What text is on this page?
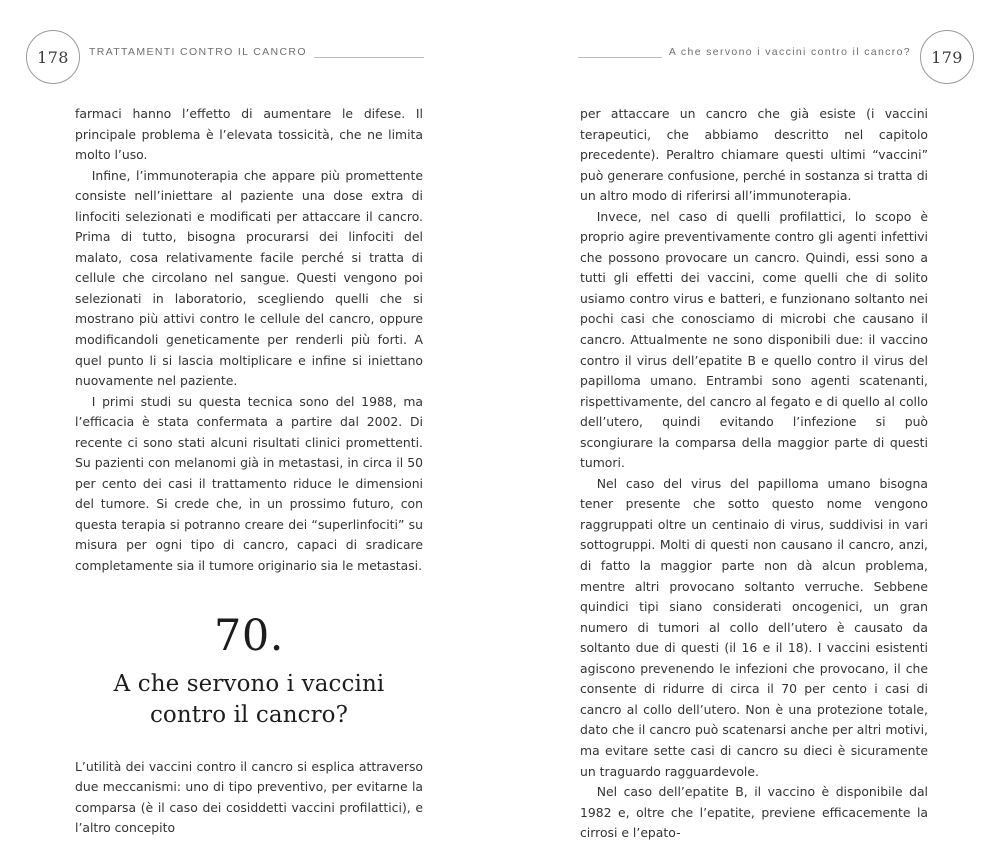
178	TRATTAMENTI CONTRO IL CANCRO

farmaci hanno l’effetto di aumentare le difese. Il principale problema è l’elevata tossicità, che ne limita molto l’uso.

Infine, l’immunoterapia che appare più promettente consiste nell’iniettare al paziente una dose extra di linfociti selezionati e modificati per attaccare il cancro. Prima di tutto, bisogna procurarsi dei linfociti del malato, cosa relativamente facile perché si tratta di cellule che circolano nel sangue. Questi vengono poi selezionati in laboratorio, scegliendo quelli che si mostrano più attivi contro le cellule del cancro, oppure modificandoli geneticamente per renderli più forti. A quel punto li si lascia moltiplicare e infine si iniettano nuovamente nel paziente.

I primi studi su questa tecnica sono del 1988, ma l’efficacia è stata confermata a partire dal 2002. Di recente ci sono stati alcuni risultati clinici promettenti. Su pazienti con melanomi già in metastasi, in circa il 50 per cento dei casi il trattamento riduce le dimensioni del tumore. Si crede che, in un prossimo futuro, con questa terapia si potranno creare dei “superlinfociti” su misura per ogni tipo di cancro, capaci di sradicare completamente sia il tumore originario sia le metastasi.

70.
A che servono i vaccini
contro il cancro?

L’utilità dei vaccini contro il cancro si esplica attraverso due meccanismi: uno di tipo preventivo, per evitarne la comparsa (è il caso dei cosiddetti vaccini profilattici), e l’altro concepito

179
A che servono i vaccini contro il cancro?

per attaccare un cancro che già esiste (i vaccini terapeutici, che abbiamo descritto nel capitolo precedente). Peraltro chiamare questi ultimi “vaccini” può generare confusione, perché in sostanza si tratta di un altro modo di riferirsi all’immunoterapia.

Invece, nel caso di quelli profilattici, lo scopo è proprio agire preventivamente contro gli agenti infettivi che possono provocare un cancro. Quindi, essi sono a tutti gli effetti dei vaccini, come quelli che di solito usiamo contro virus e batteri, e funzionano soltanto nei pochi casi che conosciamo di microbi che causano il cancro. Attualmente ne sono disponibili due: il vaccino contro il virus dell’epatite B e quello contro il virus del papilloma umano. Entrambi sono agenti scatenanti, rispettivamente, del cancro al fegato e di quello al collo dell’utero, quindi evitando l’infezione si può scongiurare la comparsa della maggior parte di questi tumori.

Nel caso del virus del papilloma umano bisogna tener presente che sotto questo nome vengono raggruppati oltre un centinaio di virus, suddivisi in vari sottogruppi. Molti di questi non causano il cancro, anzi, di fatto la maggior parte non dà alcun problema, mentre altri provocano soltanto verruche. Sebbene quindici tipi siano considerati oncogenici, un gran numero di tumori al collo dell’utero è causato da soltanto due di questi (il 16 e il 18). I vaccini esistenti agiscono prevenendo le infezioni che provocano, il che consente di ridurre di circa il 70 per cento i casi di cancro al collo dell’utero. Non è una protezione totale, dato che il cancro può scatenarsi anche per altri motivi, ma evitare sette casi di cancro su dieci è sicuramente un traguardo ragguardevole.

Nel caso dell’epatite B, il vaccino è disponibile dal 1982 e, oltre che l’epatite, previene efficacemente la cirrosi e l’epato-
